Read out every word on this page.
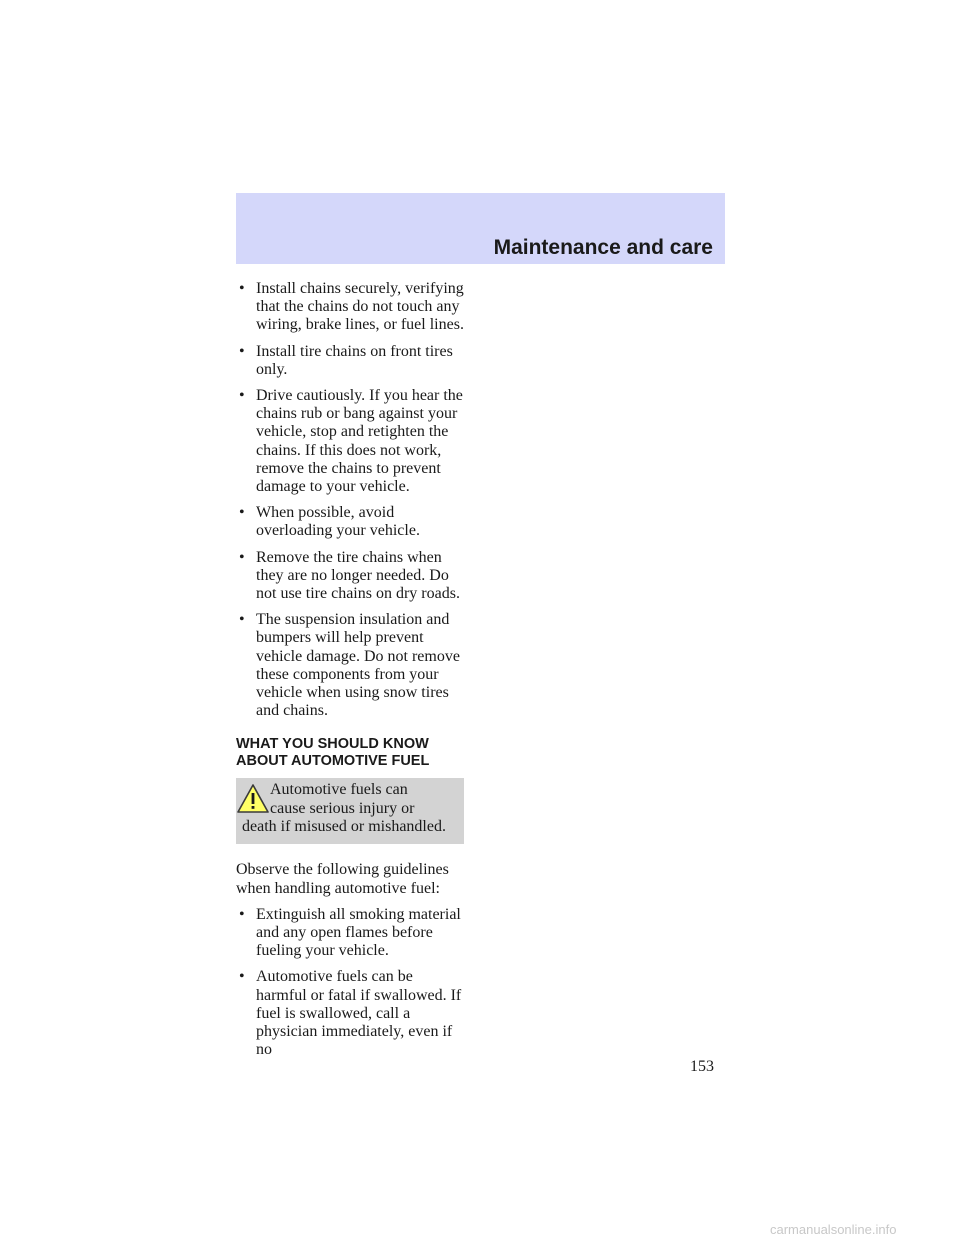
Maintenance and care
• Install chains securely, verifying that the chains do not touch any wiring, brake lines, or fuel lines.
• Install tire chains on front tires only.
• Drive cautiously. If you hear the chains rub or bang against your vehicle, stop and retighten the chains. If this does not work, remove the chains to prevent damage to your vehicle.
• When possible, avoid overloading your vehicle.
• Remove the tire chains when they are no longer needed. Do not use tire chains on dry roads.
• The suspension insulation and bumpers will help prevent vehicle damage. Do not remove these components from your vehicle when using snow tires and chains.
WHAT YOU SHOULD KNOW
ABOUT AUTOMOTIVE FUEL
Automotive fuels can
cause serious injury or
death if misused or mishandled.

Observe the following guidelines when handling automotive fuel:

• Extinguish all smoking material and any open flames before fueling your vehicle.
• Automotive fuels can be harmful or fatal if swallowed. If fuel is swallowed, call a physician immediately, even if no
153
carmanualsonline.info
